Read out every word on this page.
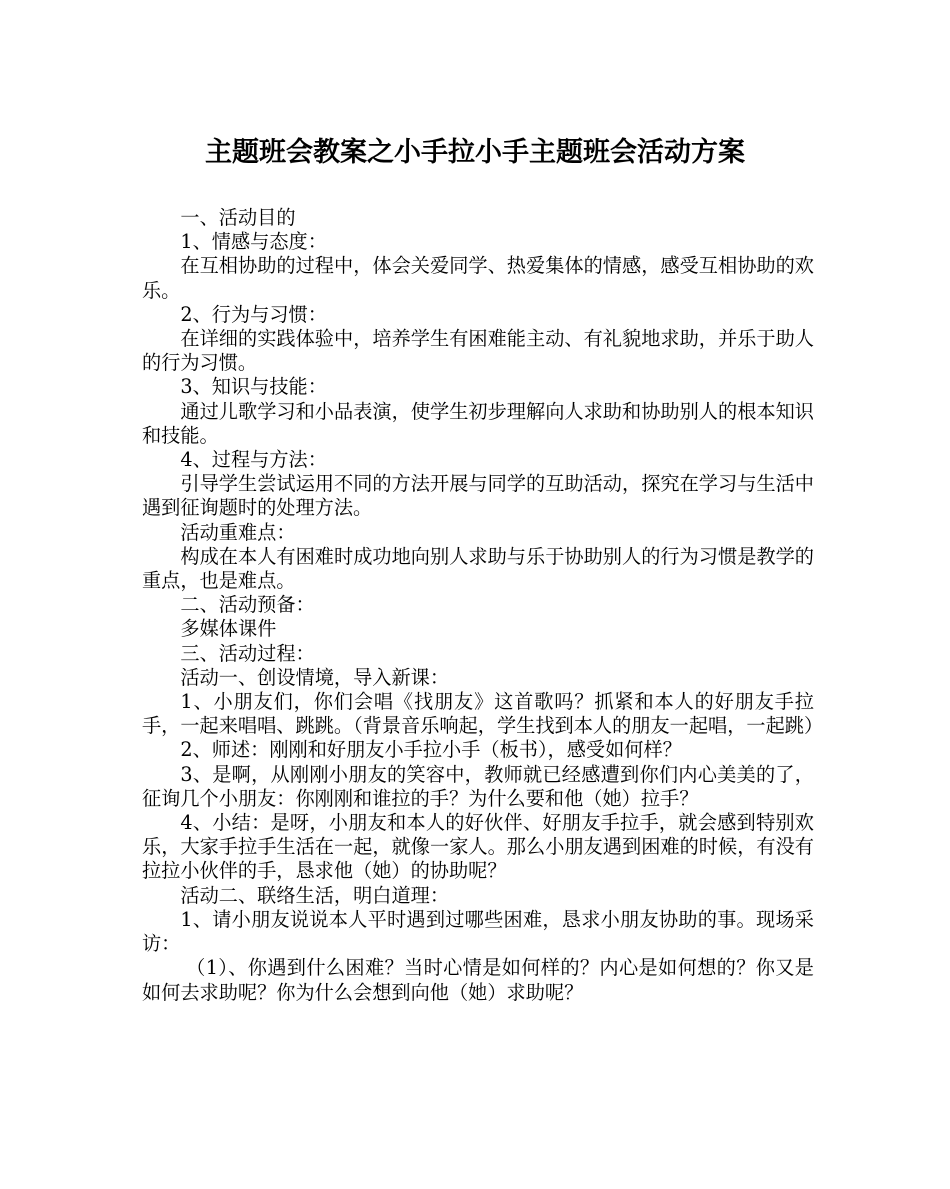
主题班会教案之小手拉小手主题班会活动方案

一、活动目的

1、情感与态度：

在互相协助的过程中，体会关爱同学、热爱集体的情感，感受互相协助的欢乐。

2、行为与习惯：

在详细的实践体验中，培养学生有困难能主动、有礼貌地求助，并乐于助人的行为习惯。

3、知识与技能：

通过儿歌学习和小品表演，使学生初步理解向人求助和协助别人的根本知识和技能。

4、过程与方法：

引导学生尝试运用不同的方法开展与同学的互助活动，探究在学习与生活中遇到征询题时的处理方法。

活动重难点：

构成在本人有困难时成功地向别人求助与乐于协助别人的行为习惯是教学的重点，也是难点。

二、活动预备：

多媒体课件

三、活动过程：

活动一、创设情境，导入新课：

1、小朋友们，你们会唱《找朋友》这首歌吗？抓紧和本人的好朋友手拉手，一起来唱唱、跳跳。（背景音乐响起，学生找到本人的朋友一起唱，一起跳）

2、师述：刚刚和好朋友小手拉小手（板书），感受如何样？

3、是啊，从刚刚小朋友的笑容中，教师就已经感遭到你们内心美美的了，征询几个小朋友：你刚刚和谁拉的手？为什么要和他（她）拉手？

4、小结：是呀，小朋友和本人的好伙伴、好朋友手拉手，就会感到特别欢乐，大家手拉手生活在一起，就像一家人。那么小朋友遇到困难的时候，有没有拉拉小伙伴的手，恳求他（她）的协助呢？

活动二、联络生活，明白道理：

1、请小朋友说说本人平时遇到过哪些困难，恳求小朋友协助的事。现场采访：

（1）、你遇到什么困难？当时心情是如何样的？内心是如何想的？你又是如何去求助呢？你为什么会想到向他（她）求助呢？
